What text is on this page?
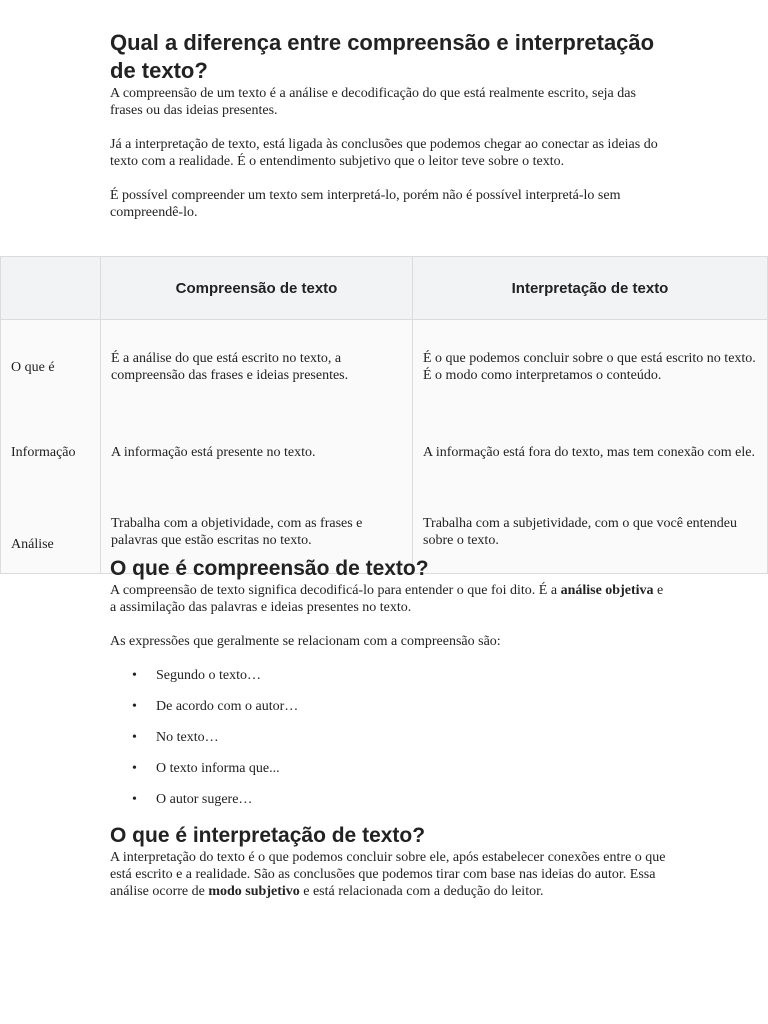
Qual a diferença entre compreensão e interpretação de texto?

A compreensão de um texto é a análise e decodificação do que está realmente escrito, seja das frases ou das ideias presentes.

Já a interpretação de texto, está ligada às conclusões que podemos chegar ao conectar as ideias do texto com a realidade. É o entendimento subjetivo que o leitor teve sobre o texto.

É possível compreender um texto sem interpretá-lo, porém não é possível interpretá-lo sem compreendê-lo.

	Compreensão de texto	Interpretação de texto
O que é	É a análise do que está escrito no texto, a compreensão das frases e ideias presentes.	É o que podemos concluir sobre o que está escrito no texto. É o modo como interpretamos o conteúdo.
Informação	A informação está presente no texto.	A informação está fora do texto, mas tem conexão com ele.
Análise	Trabalha com a objetividade, com as frases e palavras que estão escritas no texto.	Trabalha com a subjetividade, com o que você entendeu sobre o texto.
O que é compreensão de texto?

A compreensão de texto significa decodificá-lo para entender o que foi dito. É a análise objetiva e a assimilação das palavras e ideias presentes no texto.

As expressões que geralmente se relacionam com a compreensão são:

• Segundo o texto…
• De acordo com o autor…
• No texto…
• O texto informa que...
• O autor sugere…
O que é interpretação de texto?

A interpretação do texto é o que podemos concluir sobre ele, após estabelecer conexões entre o que está escrito e a realidade. São as conclusões que podemos tirar com base nas ideias do autor. Essa análise ocorre de modo subjetivo e está relacionada com a dedução do leitor.
